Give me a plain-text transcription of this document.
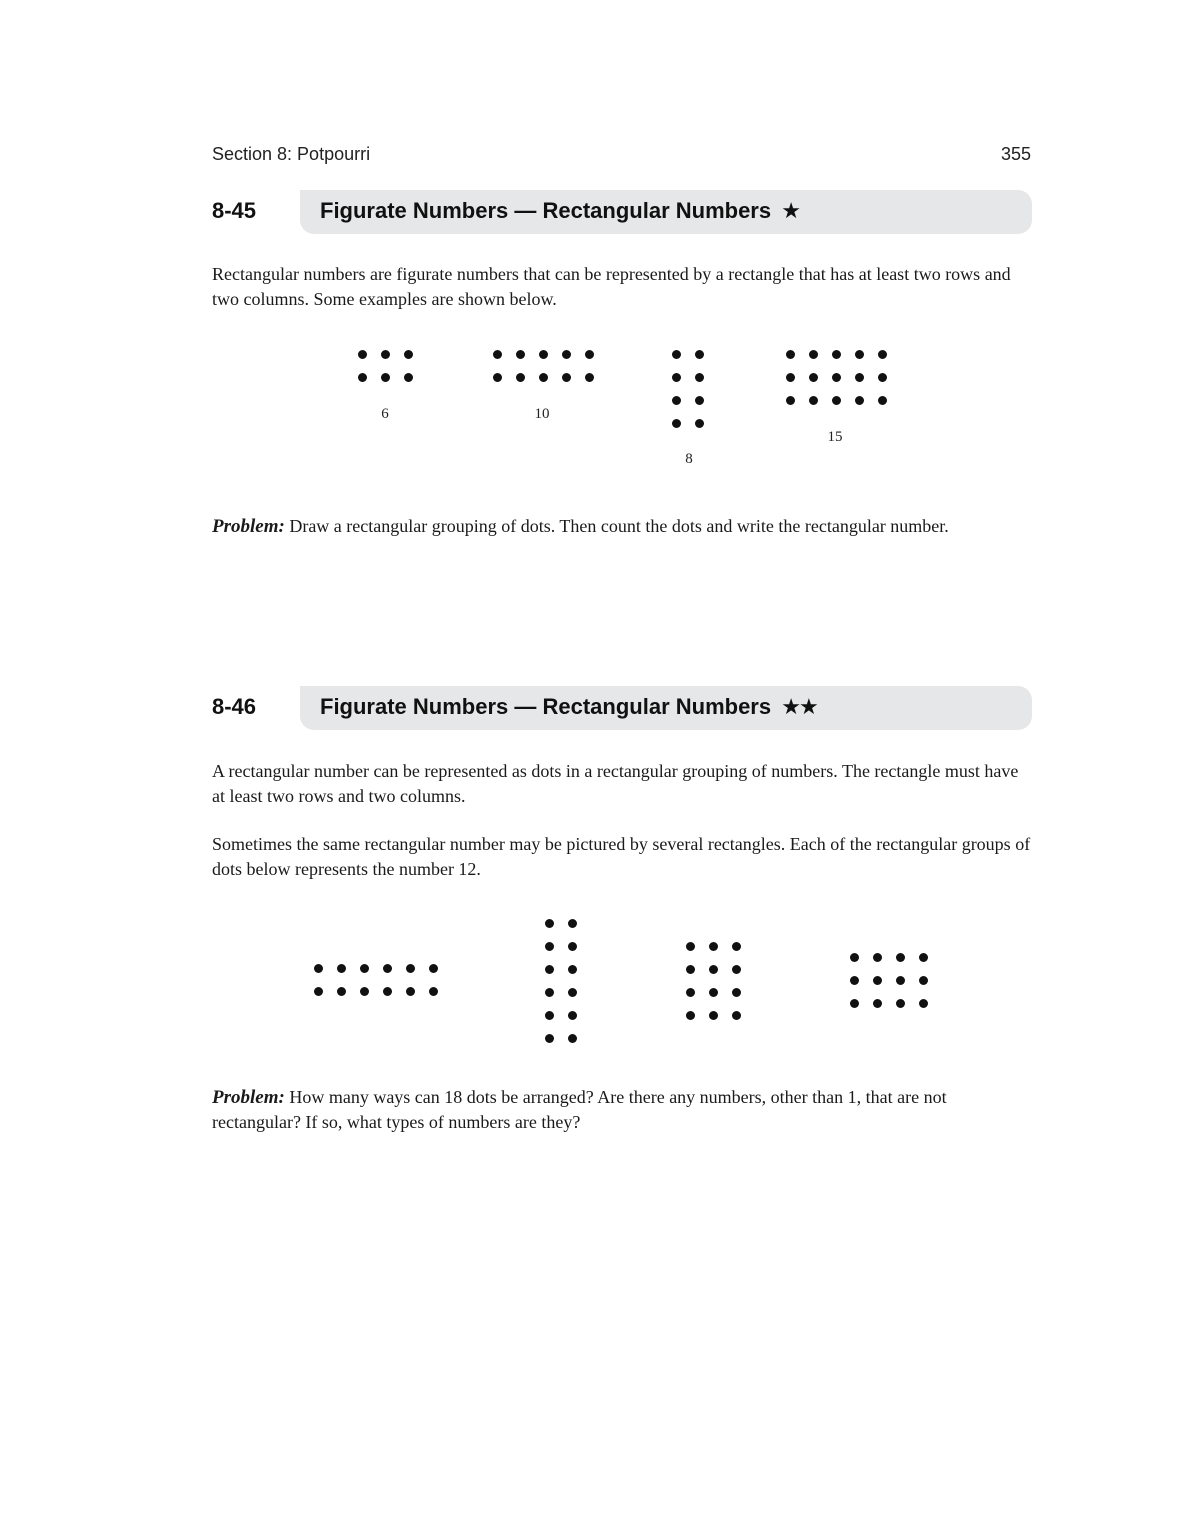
Section 8: Potpourri	355
8-45	Figurate Numbers — Rectangular Numbers ★
Rectangular numbers are figurate numbers that can be represented by a rectangle that has at least two rows and two columns. Some examples are shown below.
6	10
8
15
Problem: Draw a rectangular grouping of dots. Then count the dots and write the rectangular number.
8-46	Figurate Numbers — Rectangular Numbers ★★
A rectangular number can be represented as dots in a rectangular grouping of numbers. The rectangle must have at least two rows and two columns.
Sometimes the same rectangular number may be pictured by several rectangles. Each of the rectangular groups of dots below represents the number 12.
Problem: How many ways can 18 dots be arranged? Are there any numbers, other than 1, that are not rectangular? If so, what types of numbers are they?
